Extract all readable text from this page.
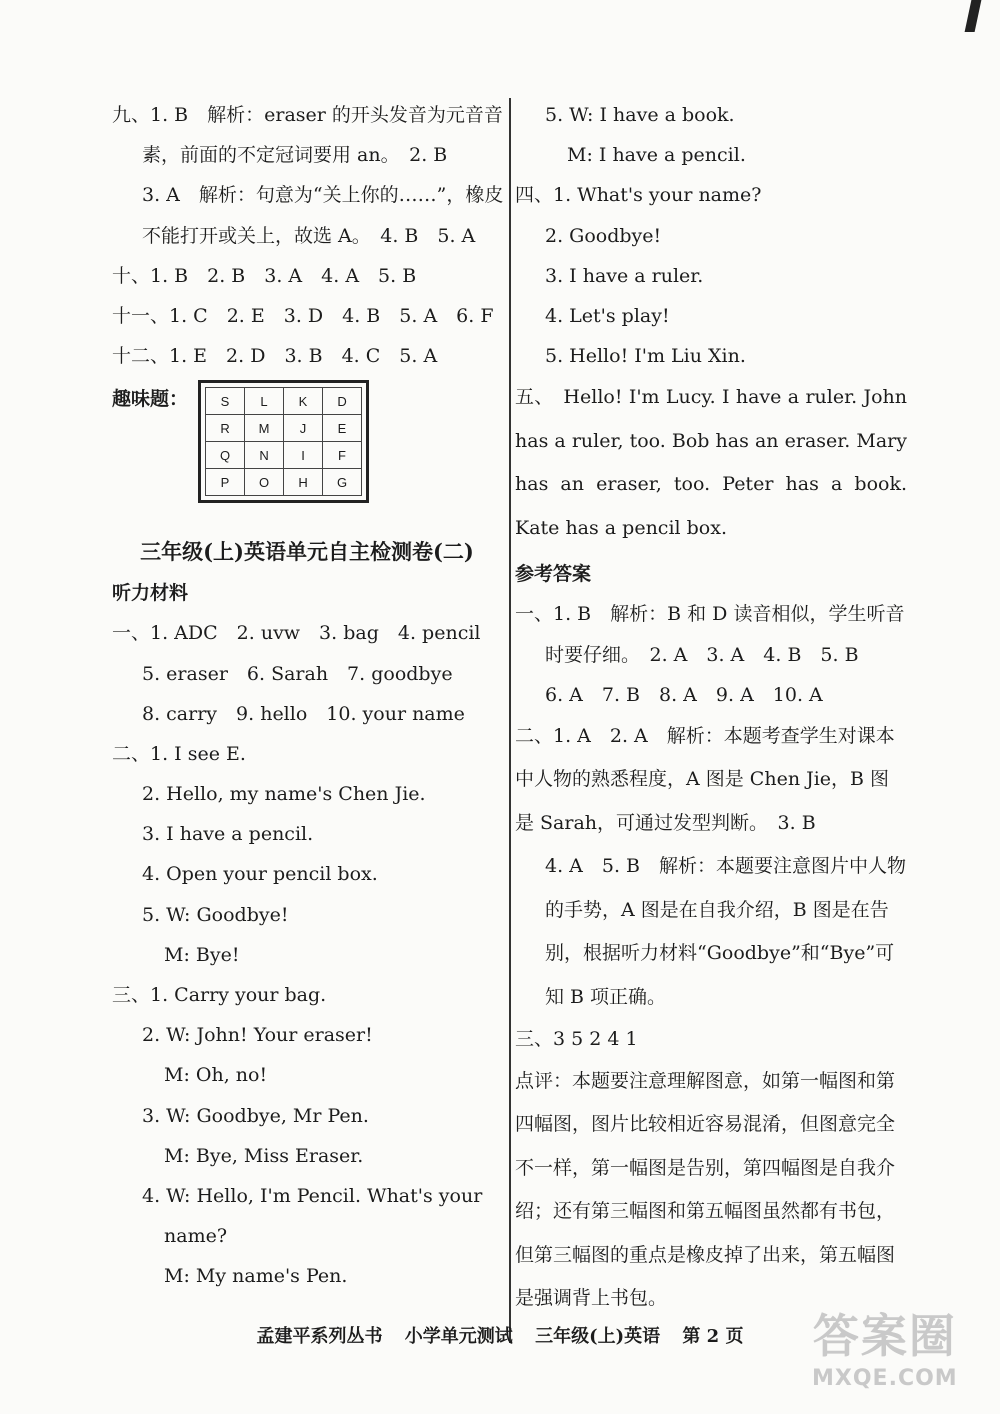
九、1. B　解析：eraser 的开头发音为元音音
素，前面的不定冠词要用 an。　2. B
3. A　解析：句意为“关上你的……”，橡皮
不能打开或关上，故选 A。　4. B　5. A
十、1. B　2. B　3. A　4. A　5. B
十一、1. C　2. E　3. D　4. B　5. A　6. F
十二、1. E　2. D　3. B　4. C　5. A
趣味题：	S	L	K	D
R	M	J	E
Q	N	I	F
P	O	H	G
三年级(上)英语单元自主检测卷(二)
听力材料
一、1. ADC　2. uvw　3. bag　4. pencil
5. eraser　6. Sarah　7. goodbye
8. carry　9. hello　10. your name
二、1. I see E.
2. Hello, my name's Chen Jie.
3. I have a pencil.
4. Open your pencil box.
5. W: Goodbye!
M: Bye!
三、1. Carry your bag.
2. W: John! Your eraser!
M: Oh, no!
3. W: Goodbye, Mr Pen.
M: Bye, Miss Eraser.
4. W: Hello, I'm Pencil. What's your
name?
M: My name's Pen.
5. W: I have a book.
M: I have a pencil.
四、1. What's your name?
2. Goodbye!
3. I have a ruler.
4. Let's play!
5. Hello! I'm Liu Xin.
五、　Hello! I'm Lucy. I have a ruler. John has a ruler, too. Bob has an eraser. Mary has an eraser, too. Peter has a book. Kate has a pencil box.
参考答案
一、1. B　解析：B 和 D 读音相似，学生听音
时要仔细。　2. A　3. A　4. B　5. B
6. A　7. B　8. A　9. A　10. A
二、1. A　2. A　解析：本题考查学生对课本中人物的熟悉程度，A 图是 Chen Jie，B 图是 Sarah，可通过发型判断。　3. B
4. A　5. B　解析：本题要注意图片中人物的手势，A 图是在自我介绍，B 图是在告别，根据听力材料“Goodbye”和“Bye”可知 B 项正确。
三、3 5 2 4 1
点评：本题要注意理解图意，如第一幅图和第四幅图，图片比较相近容易混淆，但图意完全不一样，第一幅图是告别，第四幅图是自我介绍；还有第三幅图和第五幅图虽然都有书包，但第三幅图的重点是橡皮掉了出来，第五幅图是强调背上书包。
孟建平系列丛书 小学单元测试 三年级(上)英语 第 2 页	答案圈
MXQE.COM
